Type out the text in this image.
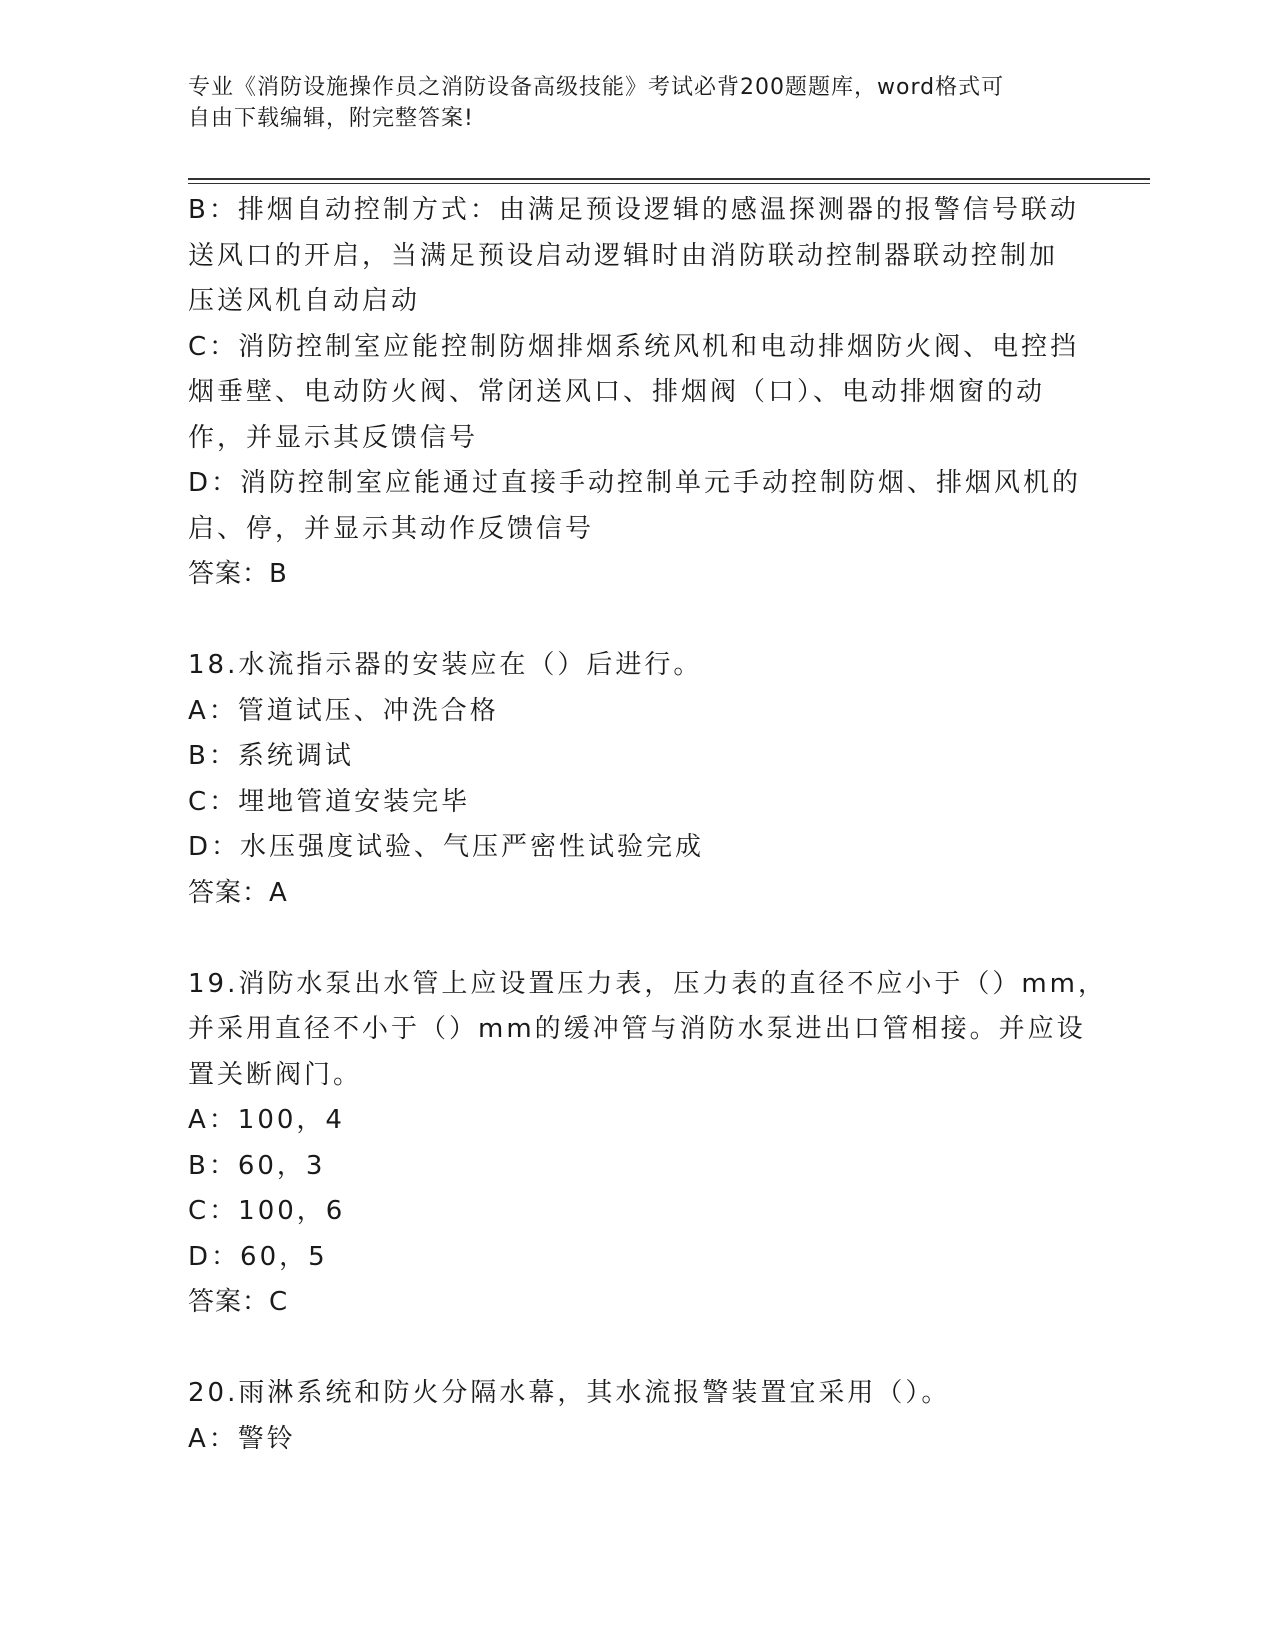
专业《消防设施操作员之消防设备高级技能》考试必背200题题库，word格式可
自由下载编辑，附完整答案!
B：排烟自动控制方式：由满足预设逻辑的感温探测器的报警信号联动
送风口的开启，当满足预设启动逻辑时由消防联动控制器联动控制加
压送风机自动启动
C：消防控制室应能控制防烟排烟系统风机和电动排烟防火阀、电控挡
烟垂壁、电动防火阀、常闭送风口、排烟阀（口）、电动排烟窗的动
作，并显示其反馈信号
D：消防控制室应能通过直接手动控制单元手动控制防烟、排烟风机的
启、停，并显示其动作反馈信号
答案：B
18.水流指示器的安装应在（）后进行。
A：管道试压、冲洗合格
B：系统调试
C：埋地管道安装完毕
D：水压强度试验、气压严密性试验完成
答案：A
19.消防水泵出水管上应设置压力表，压力表的直径不应小于（）mm，
并采用直径不小于（）mm的缓冲管与消防水泵进出口管相接。并应设
置关断阀门。
A：100，4
B：60，3
C：100，6
D：60，5
答案：C
20.雨淋系统和防火分隔水幕，其水流报警装置宜采用（）。
A：警铃
